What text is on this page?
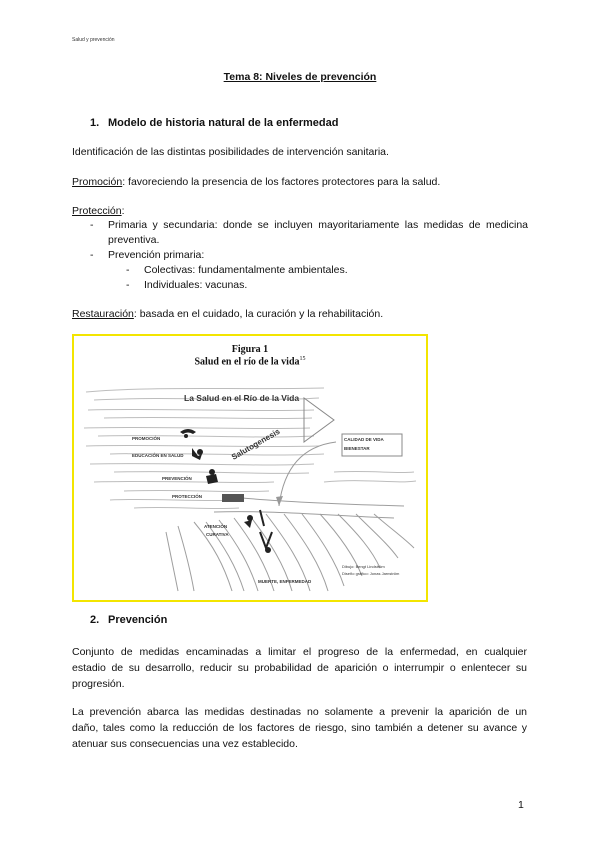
Salud y prevención
Tema 8: Niveles de prevención
1. Modelo de historia natural de la enfermedad
Identificación de las distintas posibilidades de intervención sanitaria.
Promoción: favoreciendo la presencia de los factores protectores para la salud.
Protección:
- Primaria y secundaria: donde se incluyen mayoritariamente las medidas de medicina
preventiva.
- Prevención primaria:
- Colectivas: fundamentalmente ambientales.
- Individuales: vacunas.
Restauración: basada en el cuidado, la curación y la rehabilitación.
Figura 1
Salud en el río de la vida$^{15}$
La Salud en el Río de la Vida
Salutogenesis	CALIDAD DE VIDA
BIENESTAR
PROMOCIÓN
EDUCACIÓN EN SALUD
PREVENCIÓN
PROTECCIÓN
ATENCIÓN
CURATIVA
MUERTE, ENFERMEDAD
Dibujo: Bengt Lindström
Diseño gráfico: Jonas Jarnström
2. Prevención
Conjunto de medidas encaminadas a limitar el progreso de la enfermedad, en cualquier
estadio de su desarrollo, reducir su probabilidad de aparición o interrumpir o enlentecer su
progresión.
La prevención abarca las medidas destinadas no solamente a prevenir la aparición de un
daño, tales como la reducción de los factores de riesgo, sino también a detener su avance y
atenuar sus consecuencias una vez establecido.
1
